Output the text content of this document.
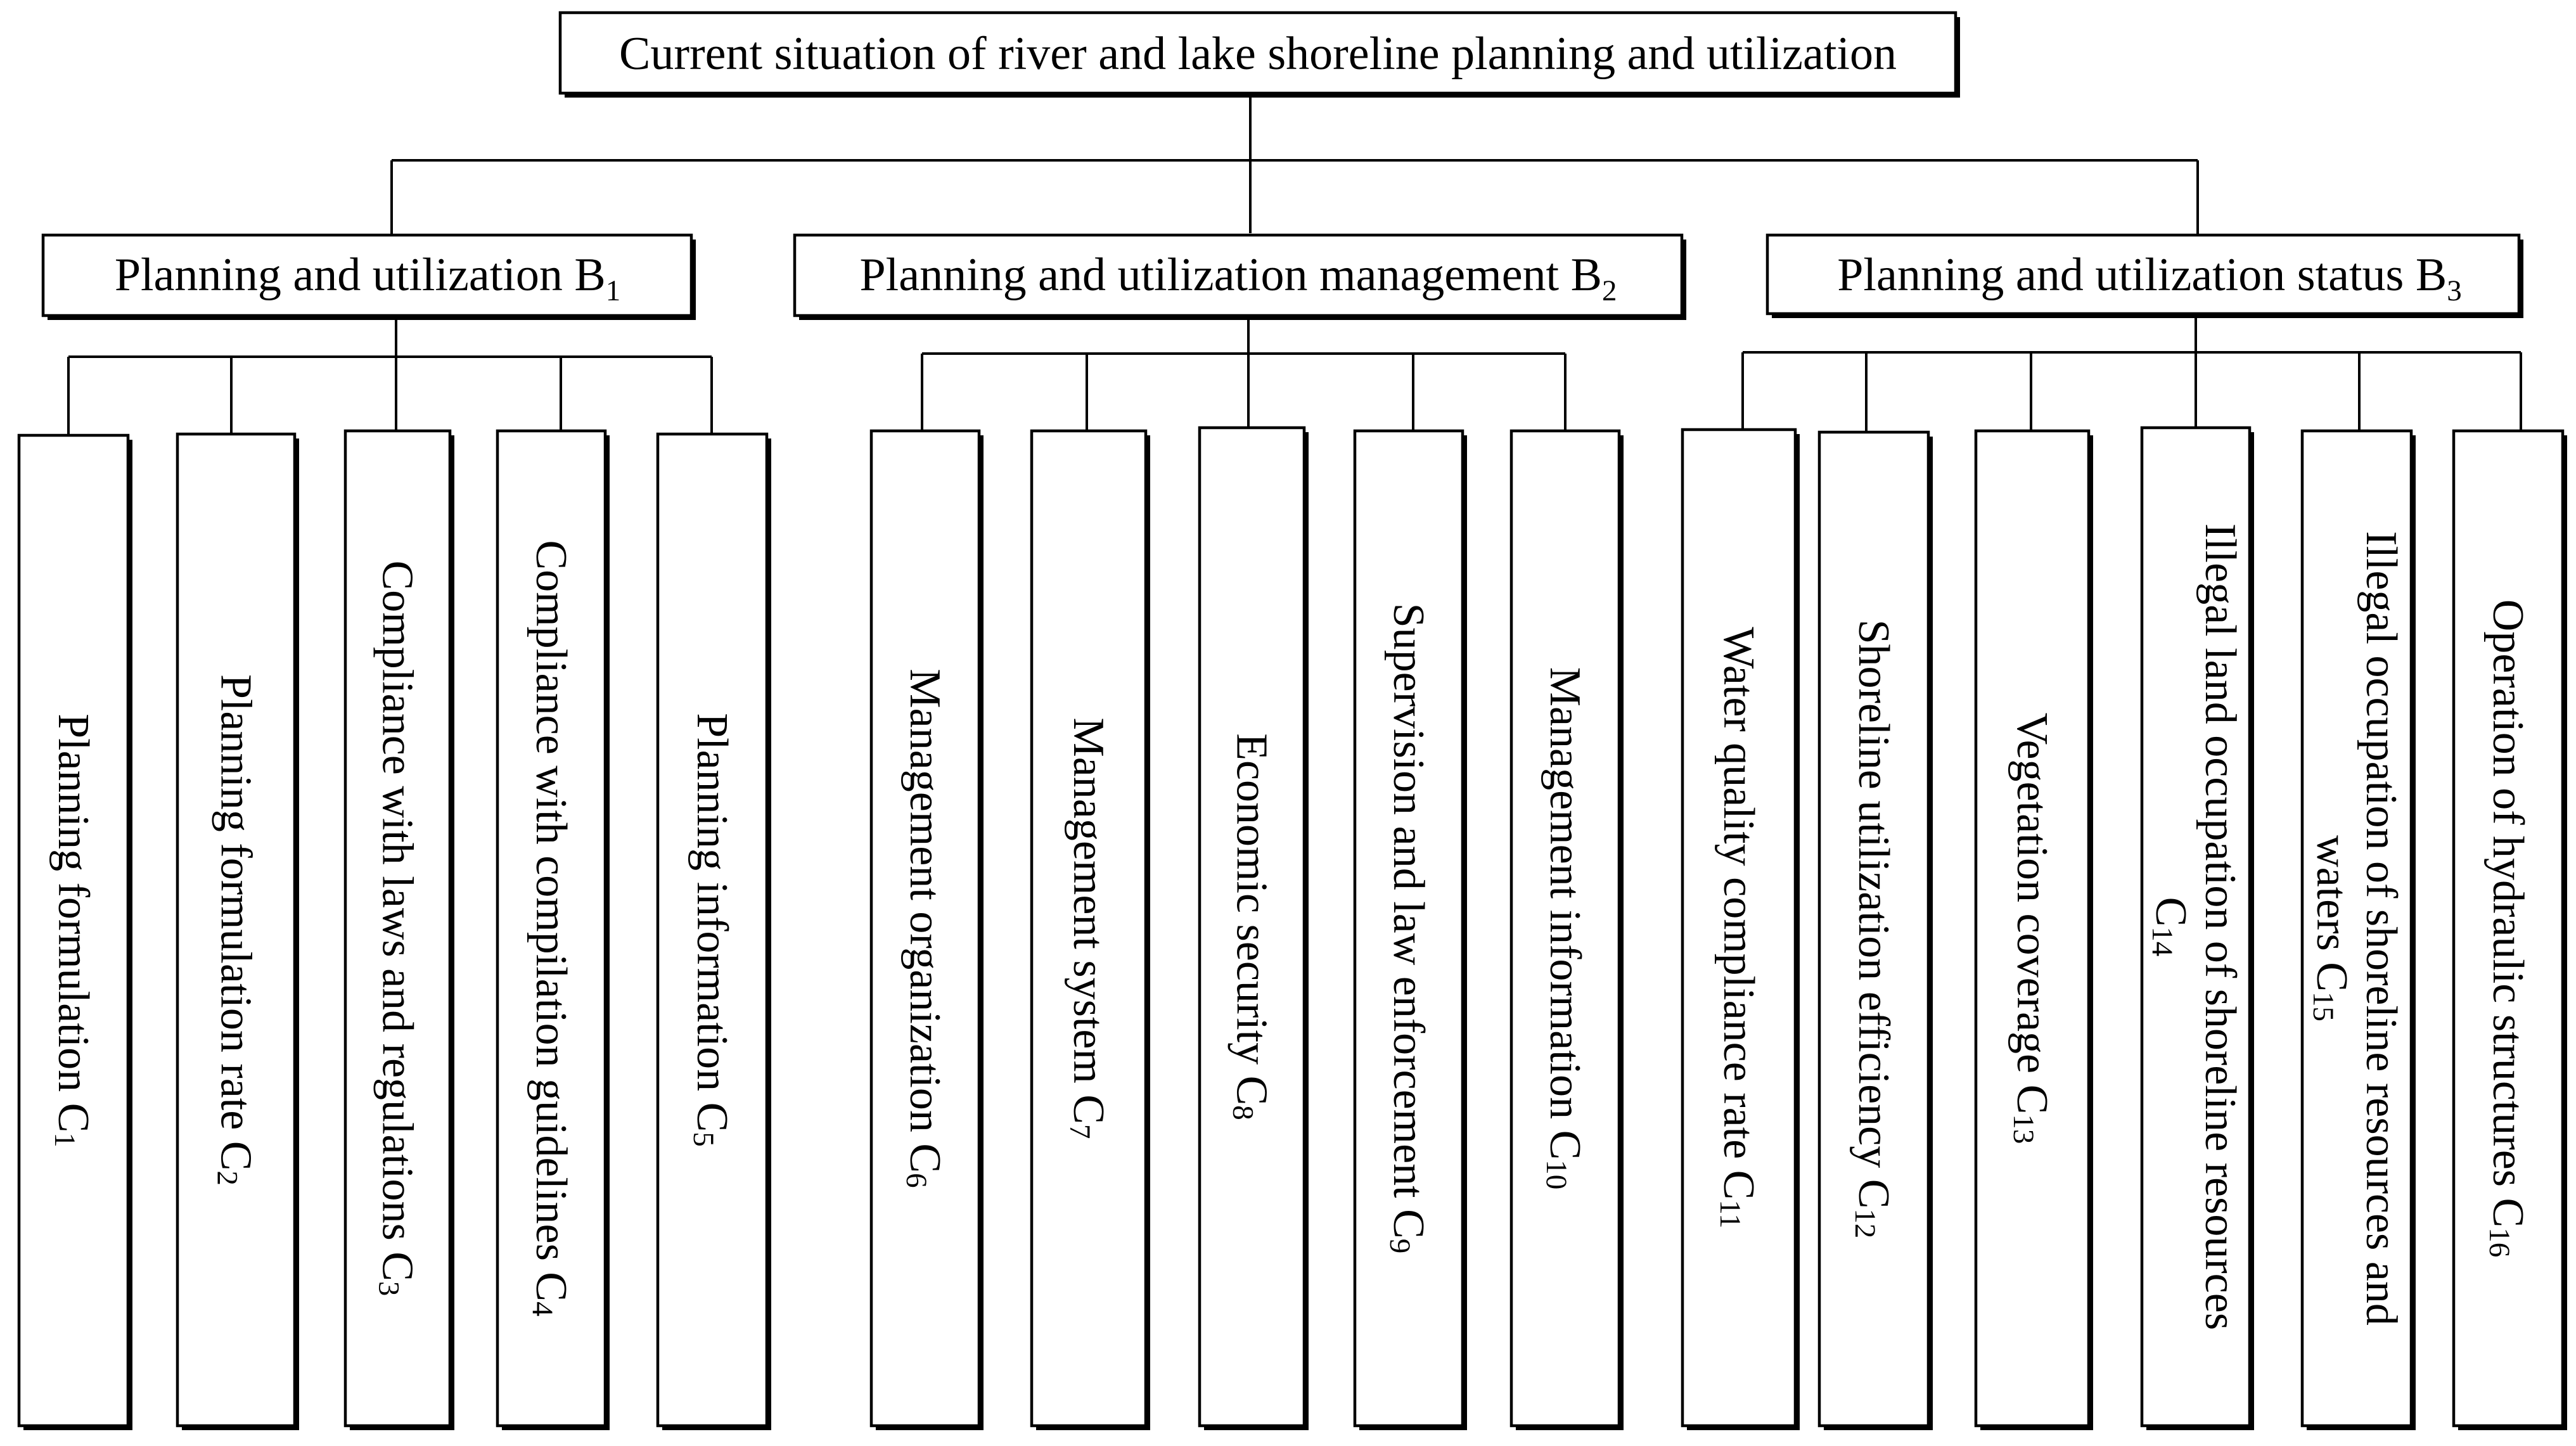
Current situation of river and lake shoreline planning and utilization
Planning and utilization $B_1$	Planning and utilization management $B_2$	Planning and utilization status $B_3$
Planning formulation $C_1$	Planning formulation rate $C_2$	Compliance with laws and regulations $C_3$	Compliance with compilation guidelines $C_4$
Planning information $C_5$	Management organization $C_6$
Management system $C_7$
Economic security $C_8$	Supervision and law enforcement $C_9$
Management information $C_{10}$	Water quality compliance rate $C_{11}$
Shoreline utilization efficiency $C_{12}$
Vegetation coverage $C_{13}$	Illegal land occupation of shoreline resources
$C_{14}$	Illegal occupation of shoreline resources and
waters $C_{15}$	Operation of hydraulic structures $C_{16}$
